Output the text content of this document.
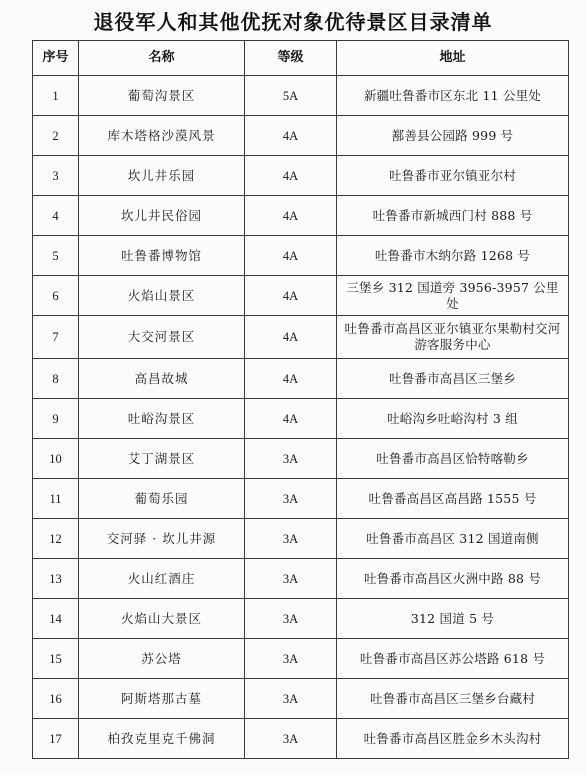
退役军人和其他优抚对象优待景区目录清单
序号	名称	等级	地址
1	葡萄沟景区	5A	新疆吐鲁番市区东北 11 公里处
2	库木塔格沙漠风景	4A	鄯善县公园路 999 号
3	坎儿井乐园	4A	吐鲁番市亚尔镇亚尔村
4	坎儿井民俗园	4A	吐鲁番市新城西门村 888 号
5	吐鲁番博物馆	4A	吐鲁番市木纳尔路 1268 号
6	火焰山景区	4A	三堡乡 312 国道旁 3956-3957 公里处
7	大交河景区	4A	吐鲁番市高昌区亚尔镇亚尔果勒村交河游客服务中心
8	高昌故城	4A	吐鲁番市高昌区三堡乡
9	吐峪沟景区	4A	吐峪沟乡吐峪沟村 3 组
10	艾丁湖景区	3A	吐鲁番市高昌区恰特喀勒乡
11	葡萄乐园	3A	吐鲁番高昌区高昌路 1555 号
12	交河驿 · 坎儿井源	3A	吐鲁番市高昌区 312 国道南侧
13	火山红酒庄	3A	吐鲁番市高昌区火洲中路 88 号
14	火焰山大景区	3A	312 国道 5 号
15	苏公塔	3A	吐鲁番市高昌区苏公塔路 618 号
16	阿斯塔那古墓	3A	吐鲁番市高昌区三堡乡台藏村
17	柏孜克里克千佛洞	3A	吐鲁番市高昌区胜金乡木头沟村
